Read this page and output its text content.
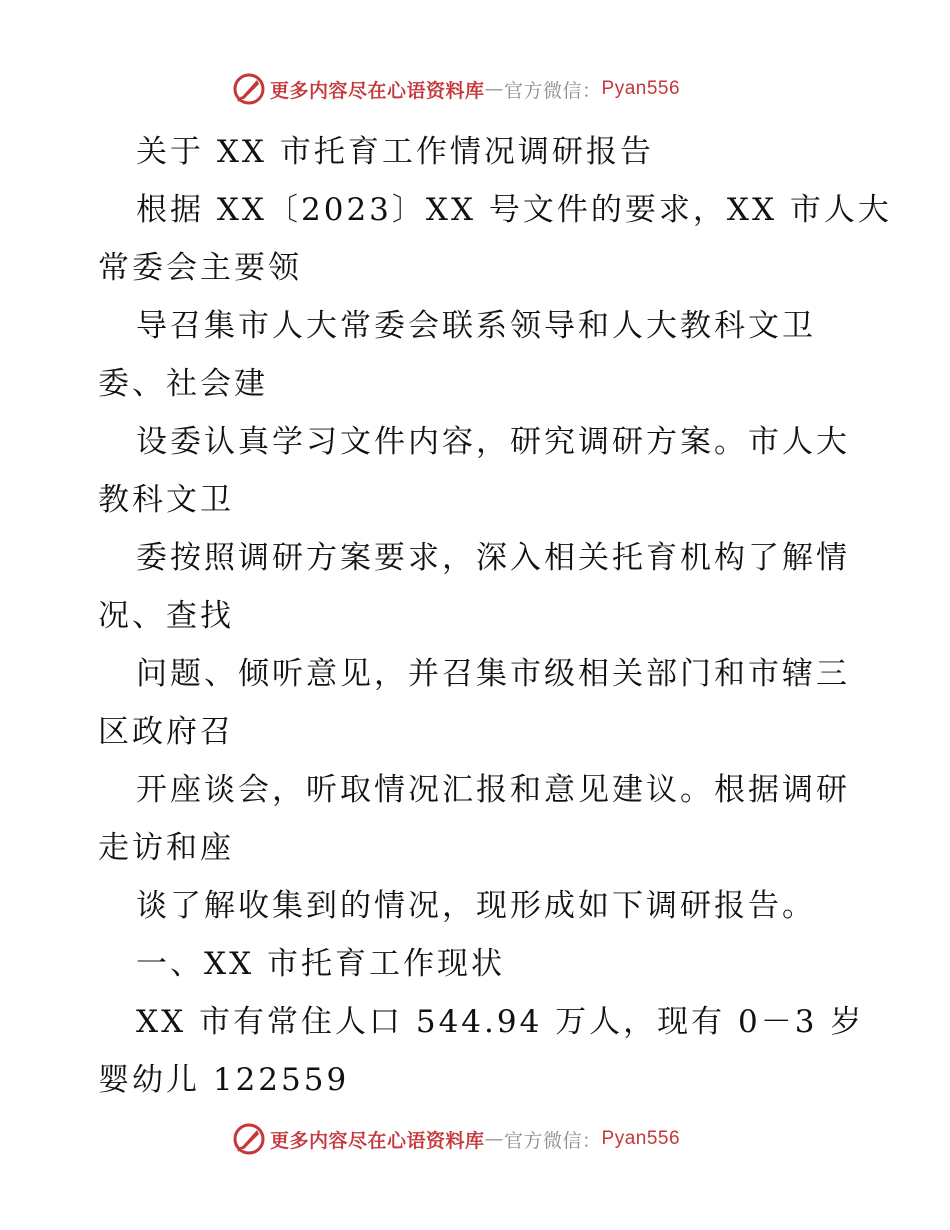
更多内容尽在心语资料库 — 官方微信： Pyan556
关于 XX 市托育工作情况调研报告
根据 XX〔2023〕XX 号文件的要求，XX 市人大
常委会主要领
导召集市人大常委会联系领导和人大教科文卫
委、社会建
设委认真学习文件内容，研究调研方案。市人大
教科文卫
委按照调研方案要求，深入相关托育机构了解情
况、查找
问题、倾听意见，并召集市级相关部门和市辖三
区政府召
开座谈会，听取情况汇报和意见建议。根据调研
走访和座
谈了解收集到的情况，现形成如下调研报告。
一、XX 市托育工作现状
XX 市有常住人口 544.94 万人，现有 0－3 岁
婴幼儿 122559
更多内容尽在心语资料库 — 官方微信： Pyan556
